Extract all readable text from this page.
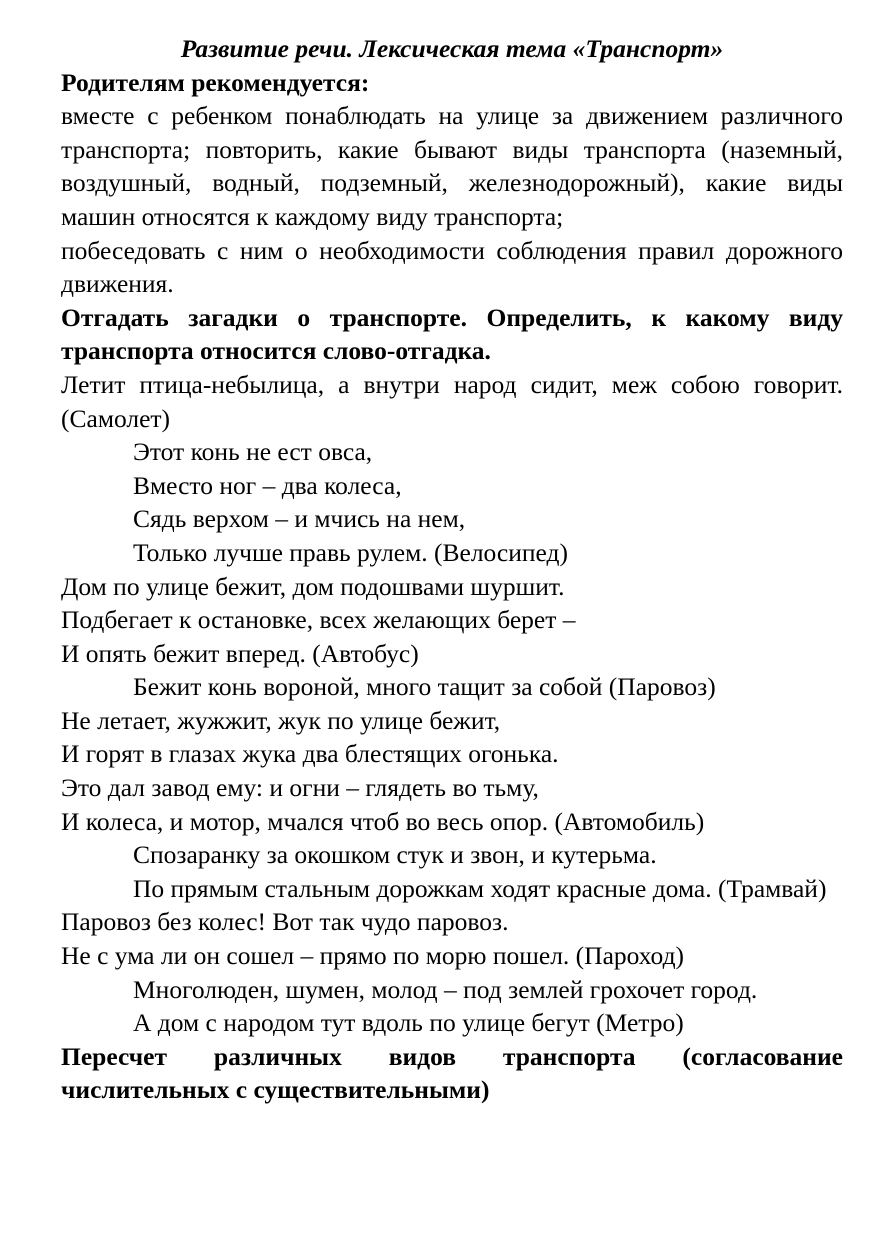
Развитие речи. Лексическая тема «Транспорт»
Родителям рекомендуется:

вместе с ребенком понаблюдать на улице за движением различного транспорта; повторить, какие бывают виды транспорта (наземный, воздушный, водный, подземный, железнодорожный), какие виды машин относятся к каждому виду транспорта;

побеседовать с ним о необходимости соблюдения правил дорожного движения.

Отгадать загадки о транспорте. Определить, к какому виду транспорта относится слово-отгадка.

Летит птица-небылица, а внутри народ сидит, меж собою говорит. (Самолет)

Этот конь не ест овса,
Вместо ног – два колеса,
Сядь верхом – и мчись на нем,
Только лучше правь рулем. (Велосипед)
Дом по улице бежит, дом подошвами шуршит.
Подбегает к остановке, всех желающих берет –
И опять бежит вперед. (Автобус)
Бежит конь вороной, много тащит за собой (Паровоз)
Не летает, жужжит, жук по улице бежит,
И горят в глазах жука два блестящих огонька.
Это дал завод ему: и огни – глядеть во тьму,
И колеса, и мотор, мчался чтоб во весь опор. (Автомобиль)
Спозаранку за окошком стук и звон, и кутерьма.

По прямым стальным дорожкам ходят красные дома. (Трамвай)

Паровоз без колес! Вот так чудо паровоз.
Не с ума ли он сошел – прямо по морю пошел. (Пароход)
Многолюден, шумен, молод – под землей грохочет город.
А дом с народом тут вдоль по улице бегут (Метро)

Пересчет различных видов транспорта (согласование числительных с существительными)
